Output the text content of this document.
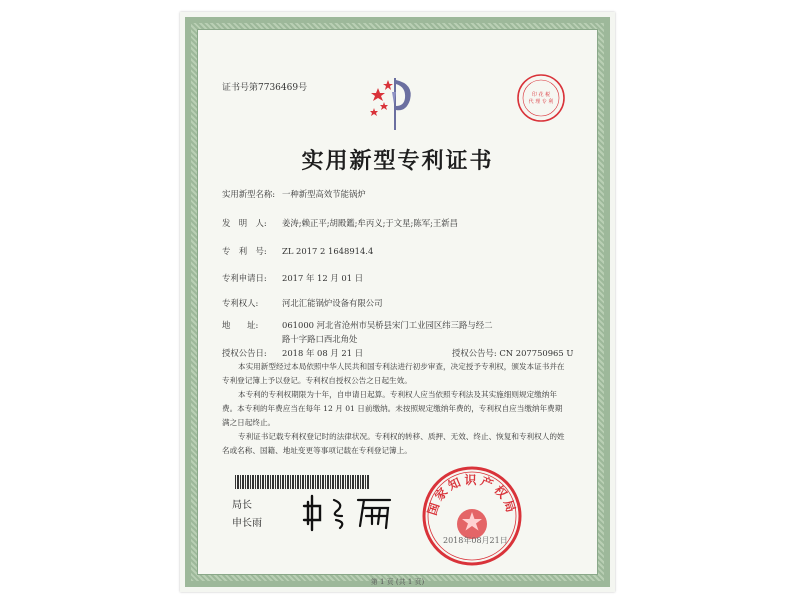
证书号第7736469号
印 花 税
代 理 专 利
实用新型专利证书
实用新型名称: 一种新型高效节能锅炉
发　明　人: 姜涛;赖正平;胡殿鑑;牟丙义;于文星;陈军;王新昌
专　利　号: ZL 2017 2 1648914.4
专利申请日: 2017 年 12 月 01 日
专利权人:	河北汇能锅炉设备有限公司
地　　址:	061000 河北省沧州市吴桥县宋门工业园区纬三路与经二
路十字路口西北角处
授权公告日: 2018 年 08 月 21 日	授权公告号: CN 207750965 U
本实用新型经过本局依照中华人民共和国专利法进行初步审查，决定授予专利权，颁发本证书并在专利登记簿上予以登记。专利权自授权公告之日起生效。
本专利的专利权期限为十年，自申请日起算。专利权人应当依照专利法及其实施细则规定缴纳年费。本专利的年费应当在每年 12 月 01 日前缴纳。未按照规定缴纳年费的，专利权自应当缴纳年费期满之日起终止。
专利证书记载专利权登记时的法律状况。专利权的转移、质押、无效、终止、恢复和专利权人的姓名或名称、国籍、地址变更等事项记载在专利登记簿上。
局长
申长雨
国家知识产权局
2018年08月21日
第 1 页 (共 1 页)
